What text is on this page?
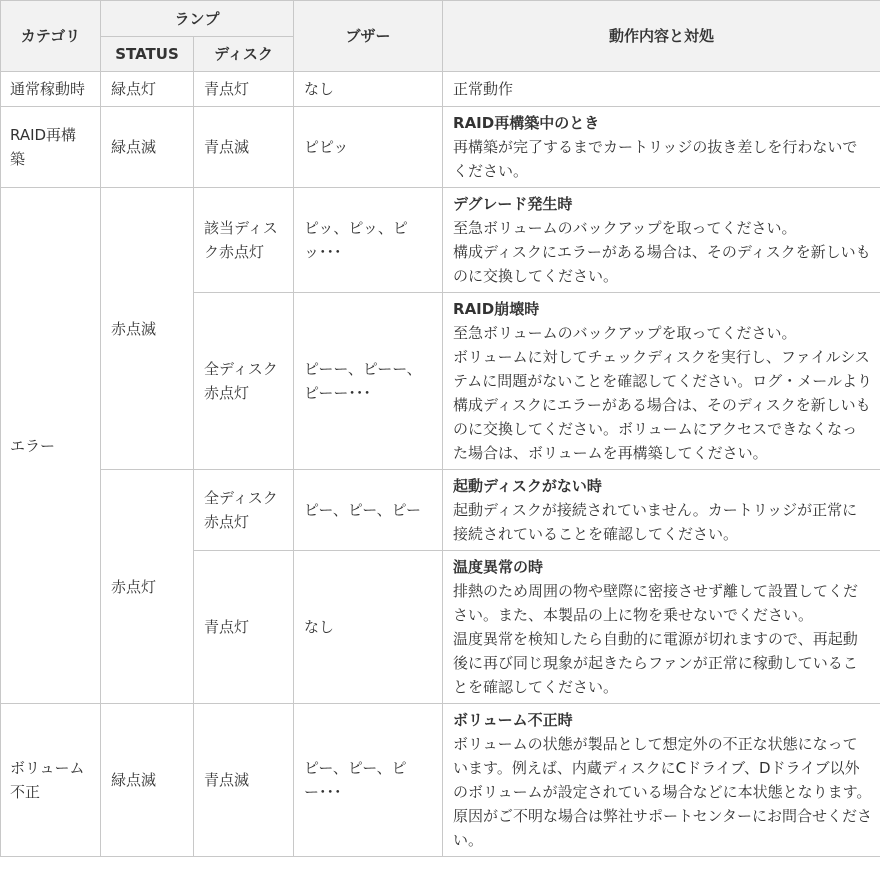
カテゴリ	ランプ		ブザー	動作内容と対処
	STATUS	ディスク		
通常稼動時	緑点灯	青点灯	なし	正常動作
RAID再構築	緑点滅	青点滅	ピピッ	RAID再構築中のとき
再構築が完了するまでカートリッジの抜き差しを行わないでください。

エラー	赤点滅	該当ディスク赤点灯	ピッ、ピッ、ピッ･･･	デグレード発生時
至急ボリュームのバックアップを取ってください。
構成ディスクにエラーがある場合は、そのディスクを新しいものに交換してください。

		全ディスク赤点灯	ピーー、ピーー、ピーー･･･	RAID崩壊時
至急ボリュームのバックアップを取ってください。
ボリュームに対してチェックディスクを実行し、ファイルシステムに問題がないことを確認してください。ログ・メールより構成ディスクにエラーがある場合は、そのディスクを新しいものに交換してください。ボリュームにアクセスできなくなった場合は、ボリュームを再構築してください。

	赤点灯	全ディスク赤点灯	ピー、ピー、ピー	起動ディスクがない時
起動ディスクが接続されていません。カートリッジが正常に接続されていることを確認してください。

		青点灯	なし	温度異常の時
排熱のため周囲の物や壁際に密接させず離して設置してください。また、本製品の上に物を乗せないでください。
温度異常を検知したら自動的に電源が切れますので、再起動後に再び同じ現象が起きたらファンが正常に稼動していることを確認してください。

ボリューム不正	緑点滅	青点滅	ピー、ピー、ピー･･･	ボリューム不正時
ボリュームの状態が製品として想定外の不正な状態になっています。例えば、内蔵ディスクにCドライブ、Dドライブ以外のボリュームが設定されている場合などに本状態となります。原因がご不明な場合は弊社サポートセンターにお問合せください。
